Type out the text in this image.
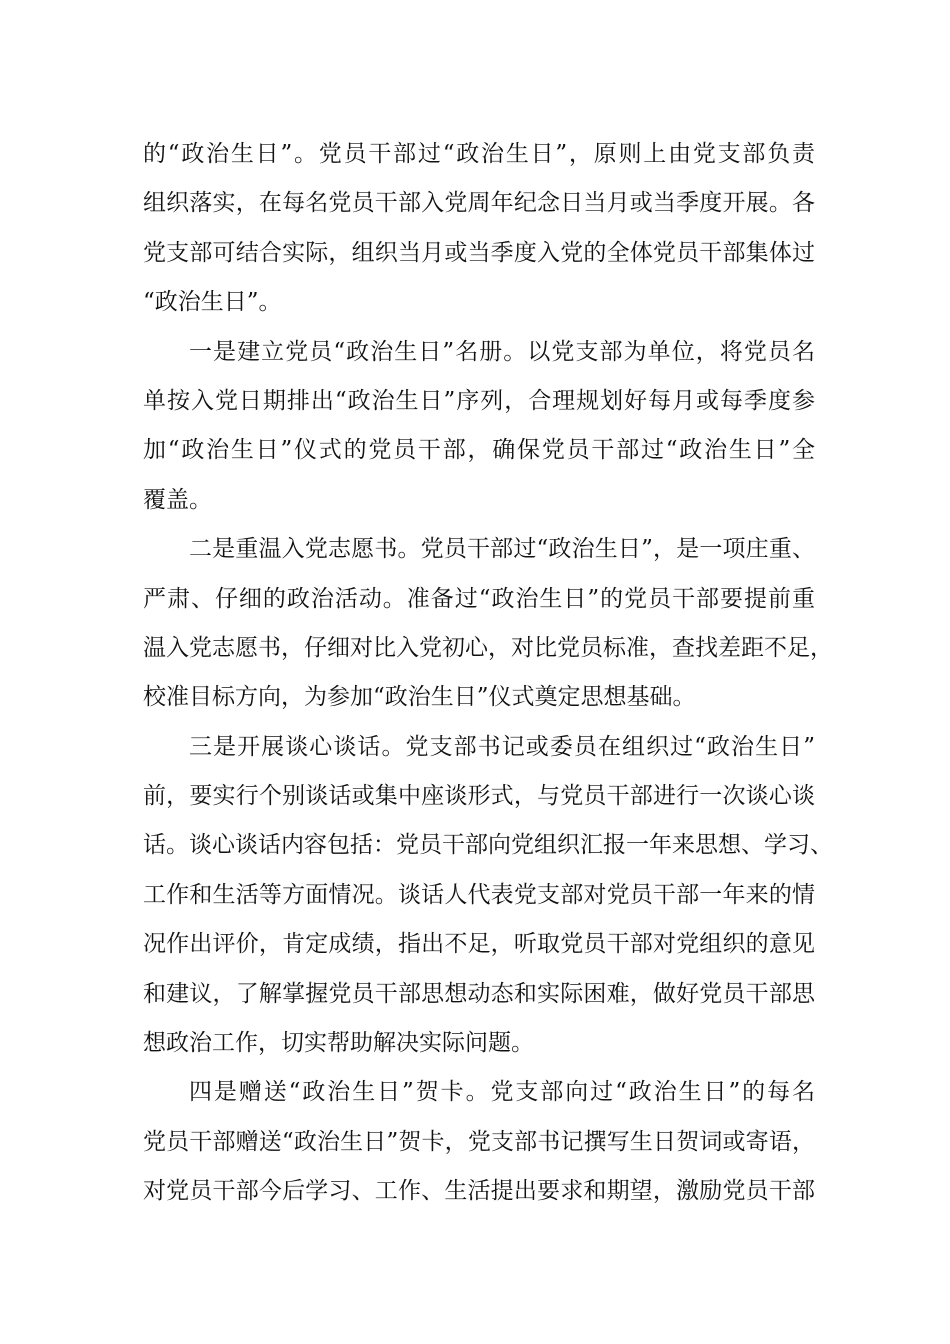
的“政治生日”。党员干部过“政治生日”，原则上由党支部负责
组织落实，在每名党员干部入党周年纪念日当月或当季度开展。各
党支部可结合实际，组织当月或当季度入党的全体党员干部集体过
“政治生日”。
一是建立党员“政治生日”名册。以党支部为单位，将党员名
单按入党日期排出“政治生日”序列，合理规划好每月或每季度参
加“政治生日”仪式的党员干部，确保党员干部过“政治生日”全
覆盖。
二是重温入党志愿书。党员干部过“政治生日”，是一项庄重、
严肃、仔细的政治活动。准备过“政治生日”的党员干部要提前重
温入党志愿书，仔细对比入党初心，对比党员标准，查找差距不足，
校准目标方向，为参加“政治生日”仪式奠定思想基础。
三是开展谈心谈话。党支部书记或委员在组织过“政治生日”
前，要实行个别谈话或集中座谈形式，与党员干部进行一次谈心谈
话。谈心谈话内容包括：党员干部向党组织汇报一年来思想、学习、
工作和生活等方面情况。谈话人代表党支部对党员干部一年来的情
况作出评价，肯定成绩，指出不足，听取党员干部对党组织的意见
和建议，了解掌握党员干部思想动态和实际困难，做好党员干部思
想政治工作，切实帮助解决实际问题。
四是赠送“政治生日”贺卡。党支部向过“政治生日”的每名
党员干部赠送“政治生日”贺卡，党支部书记撰写生日贺词或寄语，
对党员干部今后学习、工作、生活提出要求和期望，激励党员干部
